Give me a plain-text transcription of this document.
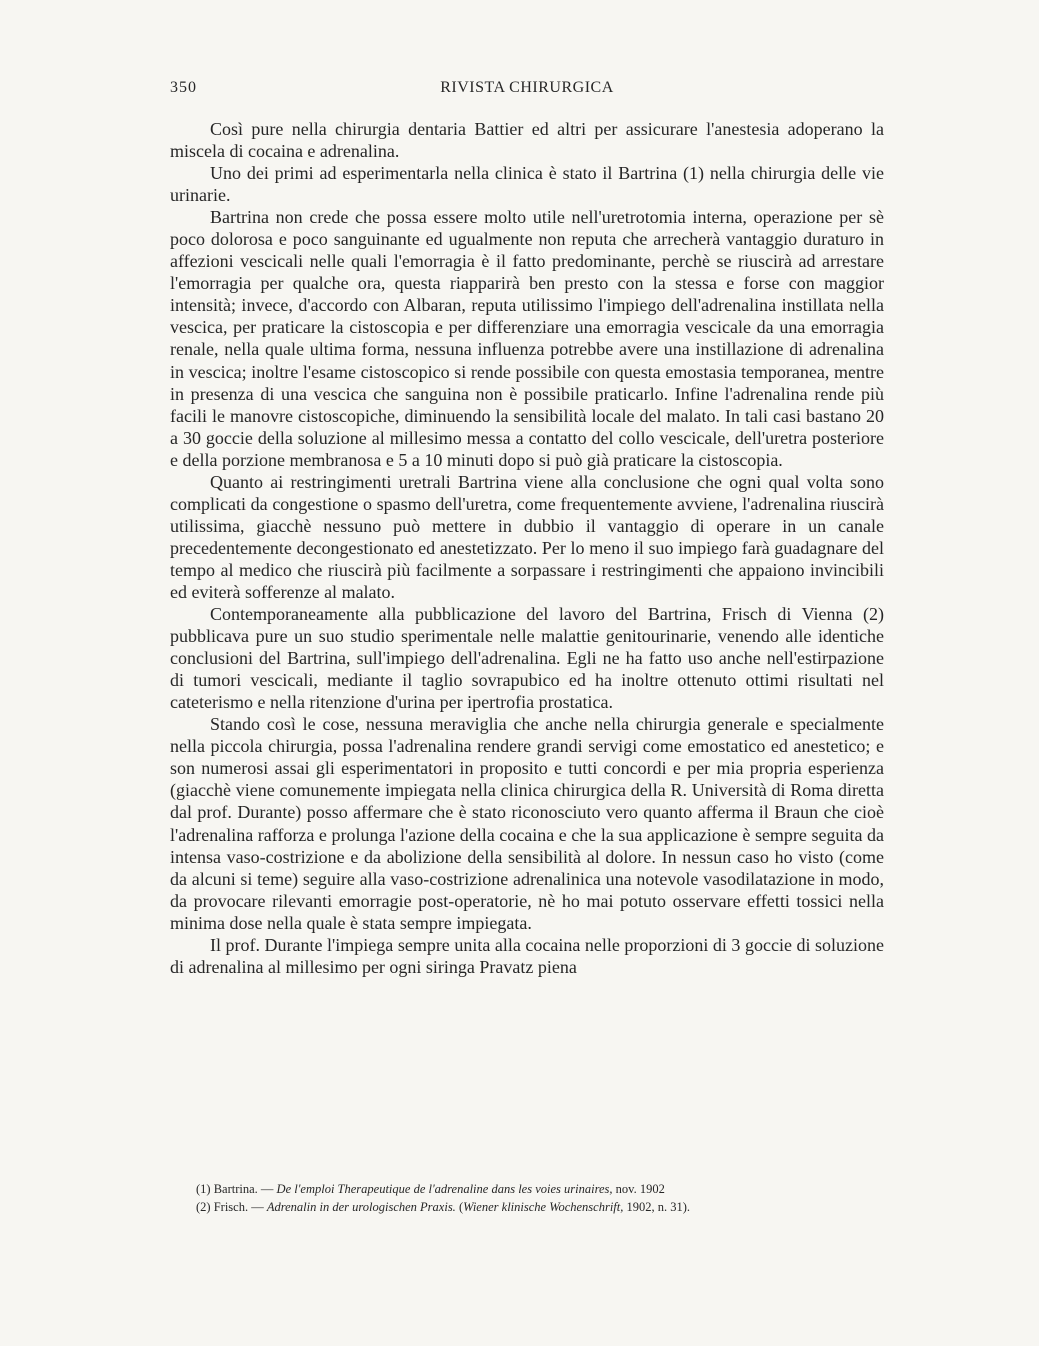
350	RIVISTA CHIRURGICA

Così pure nella chirurgia dentaria Battier ed altri per assicurare l'anestesia adoperano la miscela di cocaina e adrenalina.

Uno dei primi ad esperimentarla nella clinica è stato il Bartrina (1) nella chirurgia delle vie urinarie.

Bartrina non crede che possa essere molto utile nell'uretrotomia interna, operazione per sè poco dolorosa e poco sanguinante ed ugualmente non reputa che arrecherà vantaggio duraturo in affezioni vescicali nelle quali l'emorragia è il fatto predominante, perchè se riuscirà ad arrestare l'emorragia per qualche ora, questa riapparirà ben presto con la stessa e forse con maggior intensità; invece, d'accordo con Albaran, reputa utilissimo l'impiego dell'adrenalina instillata nella vescica, per praticare la cistoscopia e per differenziare una emorragia vescicale da una emorragia renale, nella quale ultima forma, nessuna influenza potrebbe avere una instillazione di adrenalina in vescica; inoltre l'esame cistoscopico si rende possibile con questa emostasia temporanea, mentre in presenza di una vescica che sanguina non è possibile praticarlo. Infine l'adrenalina rende più facili le manovre cistoscopiche, diminuendo la sensibilità locale del malato. In tali casi bastano 20 a 30 goccie della soluzione al millesimo messa a contatto del collo vescicale, dell'uretra posteriore e della porzione membranosa e 5 a 10 minuti dopo si può già praticare la cistoscopia.

Quanto ai restringimenti uretrali Bartrina viene alla conclusione che ogni qual volta sono complicati da congestione o spasmo dell'uretra, come frequentemente avviene, l'adrenalina riuscirà utilissima, giacchè nessuno può mettere in dubbio il vantaggio di operare in un canale precedentemente decongestionato ed anestetizzato. Per lo meno il suo impiego farà guadagnare del tempo al medico che riuscirà più facilmente a sorpassare i restringimenti che appaiono invincibili ed eviterà sofferenze al malato.

Contemporaneamente alla pubblicazione del lavoro del Bartrina, Frisch di Vienna (2) pubblicava pure un suo studio sperimentale nelle malattie genitourinarie, venendo alle identiche conclusioni del Bartrina, sull'impiego dell'adrenalina. Egli ne ha fatto uso anche nell'estirpazione di tumori vescicali, mediante il taglio sovrapubico ed ha inoltre ottenuto ottimi risultati nel cateterismo e nella ritenzione d'urina per ipertrofia prostatica.

Stando così le cose, nessuna meraviglia che anche nella chirurgia generale e specialmente nella piccola chirurgia, possa l'adrenalina rendere grandi servigi come emostatico ed anestetico; e son numerosi assai gli esperimentatori in proposito e tutti concordi e per mia propria esperienza (giacchè viene comunemente impiegata nella clinica chirurgica della R. Università di Roma diretta dal prof. Durante) posso affermare che è stato riconosciuto vero quanto afferma il Braun che cioè l'adrenalina rafforza e prolunga l'azione della cocaina e che la sua applicazione è sempre seguita da intensa vaso-costrizione e da abolizione della sensibilità al dolore. In nessun caso ho visto (come da alcuni si teme) seguire alla vaso-costrizione adrenalinica una notevole vasodilatazione in modo, da provocare rilevanti emorragie post-operatorie, nè ho mai potuto osservare effetti tossici nella minima dose nella quale è stata sempre impiegata.

Il prof. Durante l'impiega sempre unita alla cocaina nelle proporzioni di 3 goccie di soluzione di adrenalina al millesimo per ogni siringa Pravatz piena

(1) Bartrina. — De l'emploi Therapeutique de l'adrenaline dans les voies urinaires, nov. 1902
(2) Frisch. — Adrenalin in der urologischen Praxis. (Wiener klinische Wochenschrift, 1902, n. 31).
